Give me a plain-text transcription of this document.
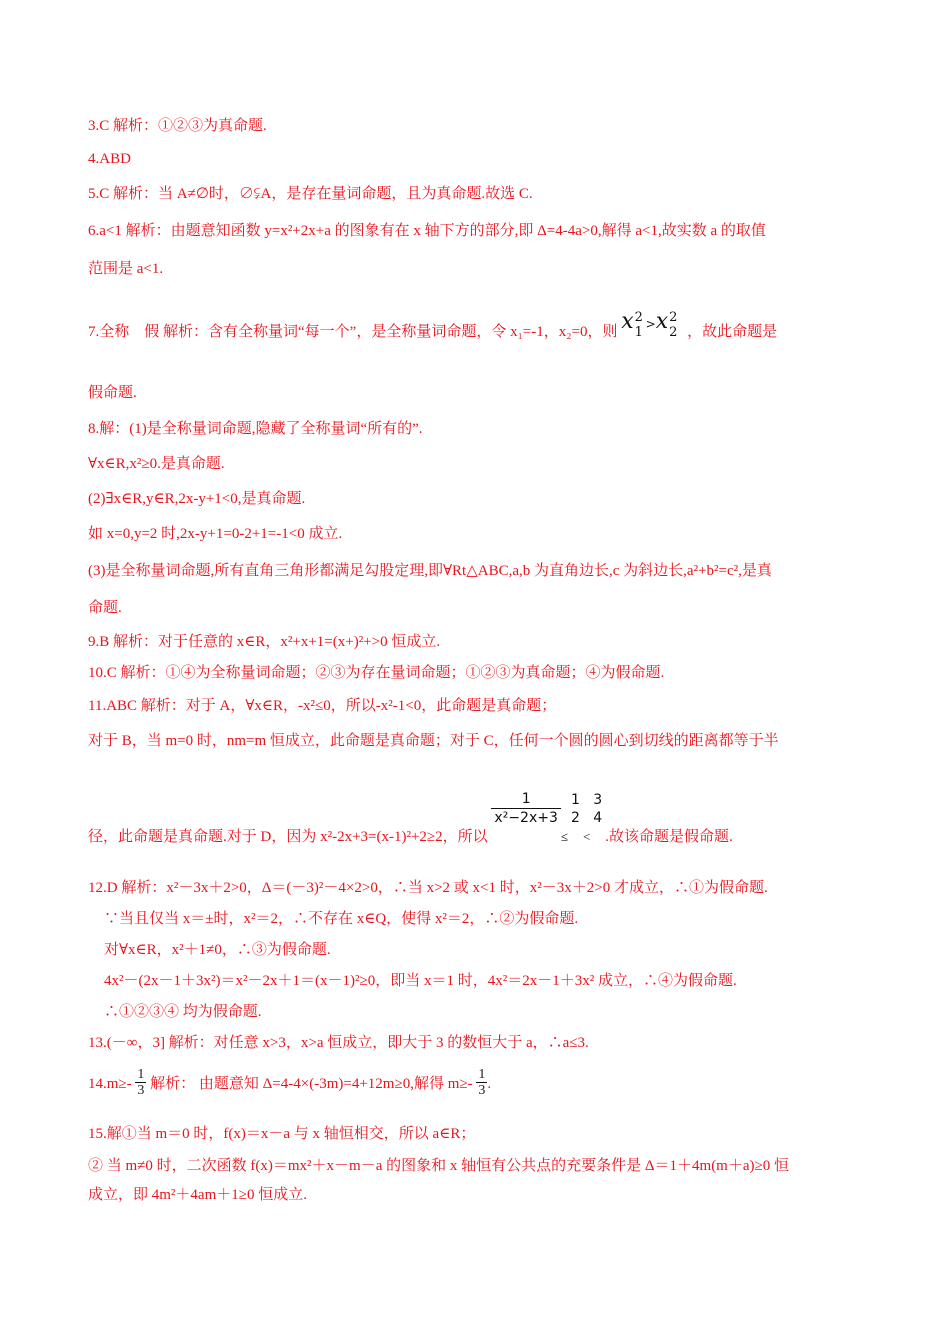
3.C 解析：①②③为真命题.
4.ABD
5.C 解析：当 A≠∅时，∅⫋A，是存在量词命题，且为真命题.故选 C.
6.a<1 解析：由题意知函数 y=x²+2x+a 的图象有在 x 轴下方的部分,即 Δ=4-4a>0,解得 a<1,故实数 a 的取值
范围是 a<1.
7.全称　假 解析：含有全称量词“每一个”，是全称量词命题，令 x₁=-1，x₂=0，则 x 2
1
>x 2
2 ，故此命题是
假命题.
8.解：(1)是全称量词命题,隐藏了全称量词“所有的”.
∀x∈R,x²≥0.是真命题.
(2)∃x∈R,y∈R,2x-y+1<0,是真命题.
如 x=0,y=2 时,2x-y+1=0-2+1=-1<0 成立.
(3)是全称量词命题,所有直角三角形都满足勾股定理,即∀Rt△ABC,a,b 为直角边长,c 为斜边长,a²+b²=c²,是真
命题.
9.B 解析：对于任意的 x∈R，x²+x+1=(x+)²+>0 恒成立.
10.C 解析：①④为全称量词命题；②③为存在量词命题；①②③为真命题；④为假命题.
11.ABC 解析：对于 A，∀x∈R，-x²≤0，所以-x²-1<0，此命题是真命题；
对于 B，当 m=0 时，nm=m 恒成立，此命题是真命题；对于 C，任何一个圆的圆心到切线的距离都等于半
径，此命题是真命题.对于 D，因为 x²-2x+3=(x-1)²+2≥2，所以
$\frac{1}{\text{x²−2x+3}}$
≤
1
2
<
3
4
.故该命题是假命题.
12.D 解析：x²－3x＋2>0，Δ＝(－3)²－4×2>0，∴当 x>2 或 x<1 时，x²－3x＋2>0 才成立，∴①为假命题.
∵当且仅当 x＝±时，x²＝2，∴不存在 x∈Q，使得 x²＝2，∴②为假命题.
对∀x∈R，x²＋1≠0，∴③为假命题.
4x²－(2x－1＋3x²)＝x²－2x＋1＝(x－1)²≥0，即当 x＝1 时，4x²＝2x－1＋3x² 成立，∴④为假命题.
∴①②③④ 均为假命题.
13.(－∞，3] 解析：对任意 x>3，x>a 恒成立，即大于 3 的数恒大于 a，∴a≤3.
$14.m\ge- \frac{1}{3}$ 解析： 由题意知 Δ=4-4×(-3m)=4+12m≥0,解得 $m\ge- \frac{1}{3}$ .
15.解①当 m＝0 时，f(x)＝x－a 与 x 轴恒相交，所以 a∈R；
② 当 m≠0 时，二次函数 f(x)＝mx²＋x－m－a 的图象和 x 轴恒有公共点的充要条件是 Δ＝1＋4m(m＋a)≥0 恒
成立，即 4m²＋4am＋1≥0 恒成立.
